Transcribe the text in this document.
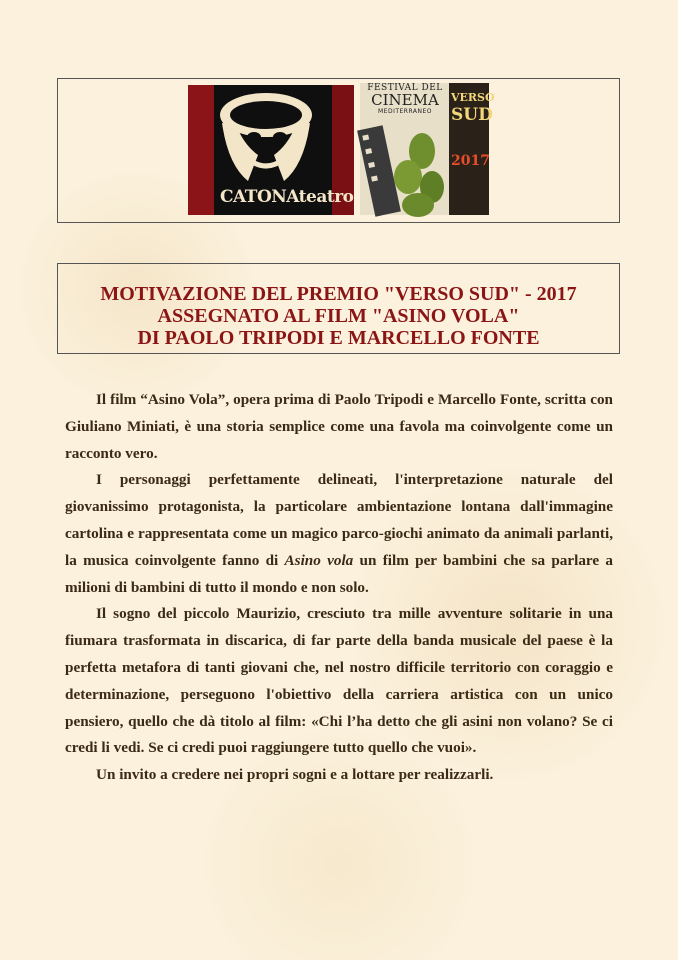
CATONAteatro
FESTIVAL DEL
CINEMA
MEDITERRANEO
VERSO
SUD
2017
MOTIVAZIONE DEL PREMIO "VERSO SUD" - 2017
ASSEGNATO AL FILM "ASINO VOLA"
DI PAOLO TRIPODI E MARCELLO FONTE

Il film “Asino Vola”, opera prima di Paolo Tripodi e Marcello Fonte, scritta con Giuliano Miniati, è una storia semplice come una favola ma coinvolgente come un racconto vero.

I personaggi perfettamente delineati, l'interpretazione naturale del giovanissimo protagonista, la particolare ambientazione lontana dall'immagine cartolina e rappresentata come un magico parco-giochi animato da animali parlanti, la musica coinvolgente fanno di Asino vola un film per bambini che sa parlare a milioni di bambini di tutto il mondo e non solo.

Il sogno del piccolo Maurizio, cresciuto tra mille avventure solitarie in una fiumara trasformata in discarica, di far parte della banda musicale del paese è la perfetta metafora di tanti giovani che, nel nostro difficile territorio con coraggio e determinazione, perseguono l'obiettivo della carriera artistica con un unico pensiero, quello che dà titolo al film: «Chi l’ha detto che gli asini non volano? Se ci credi li vedi. Se ci credi puoi raggiungere tutto quello che vuoi».

Un invito a credere nei propri sogni e a lottare per realizzarli.
